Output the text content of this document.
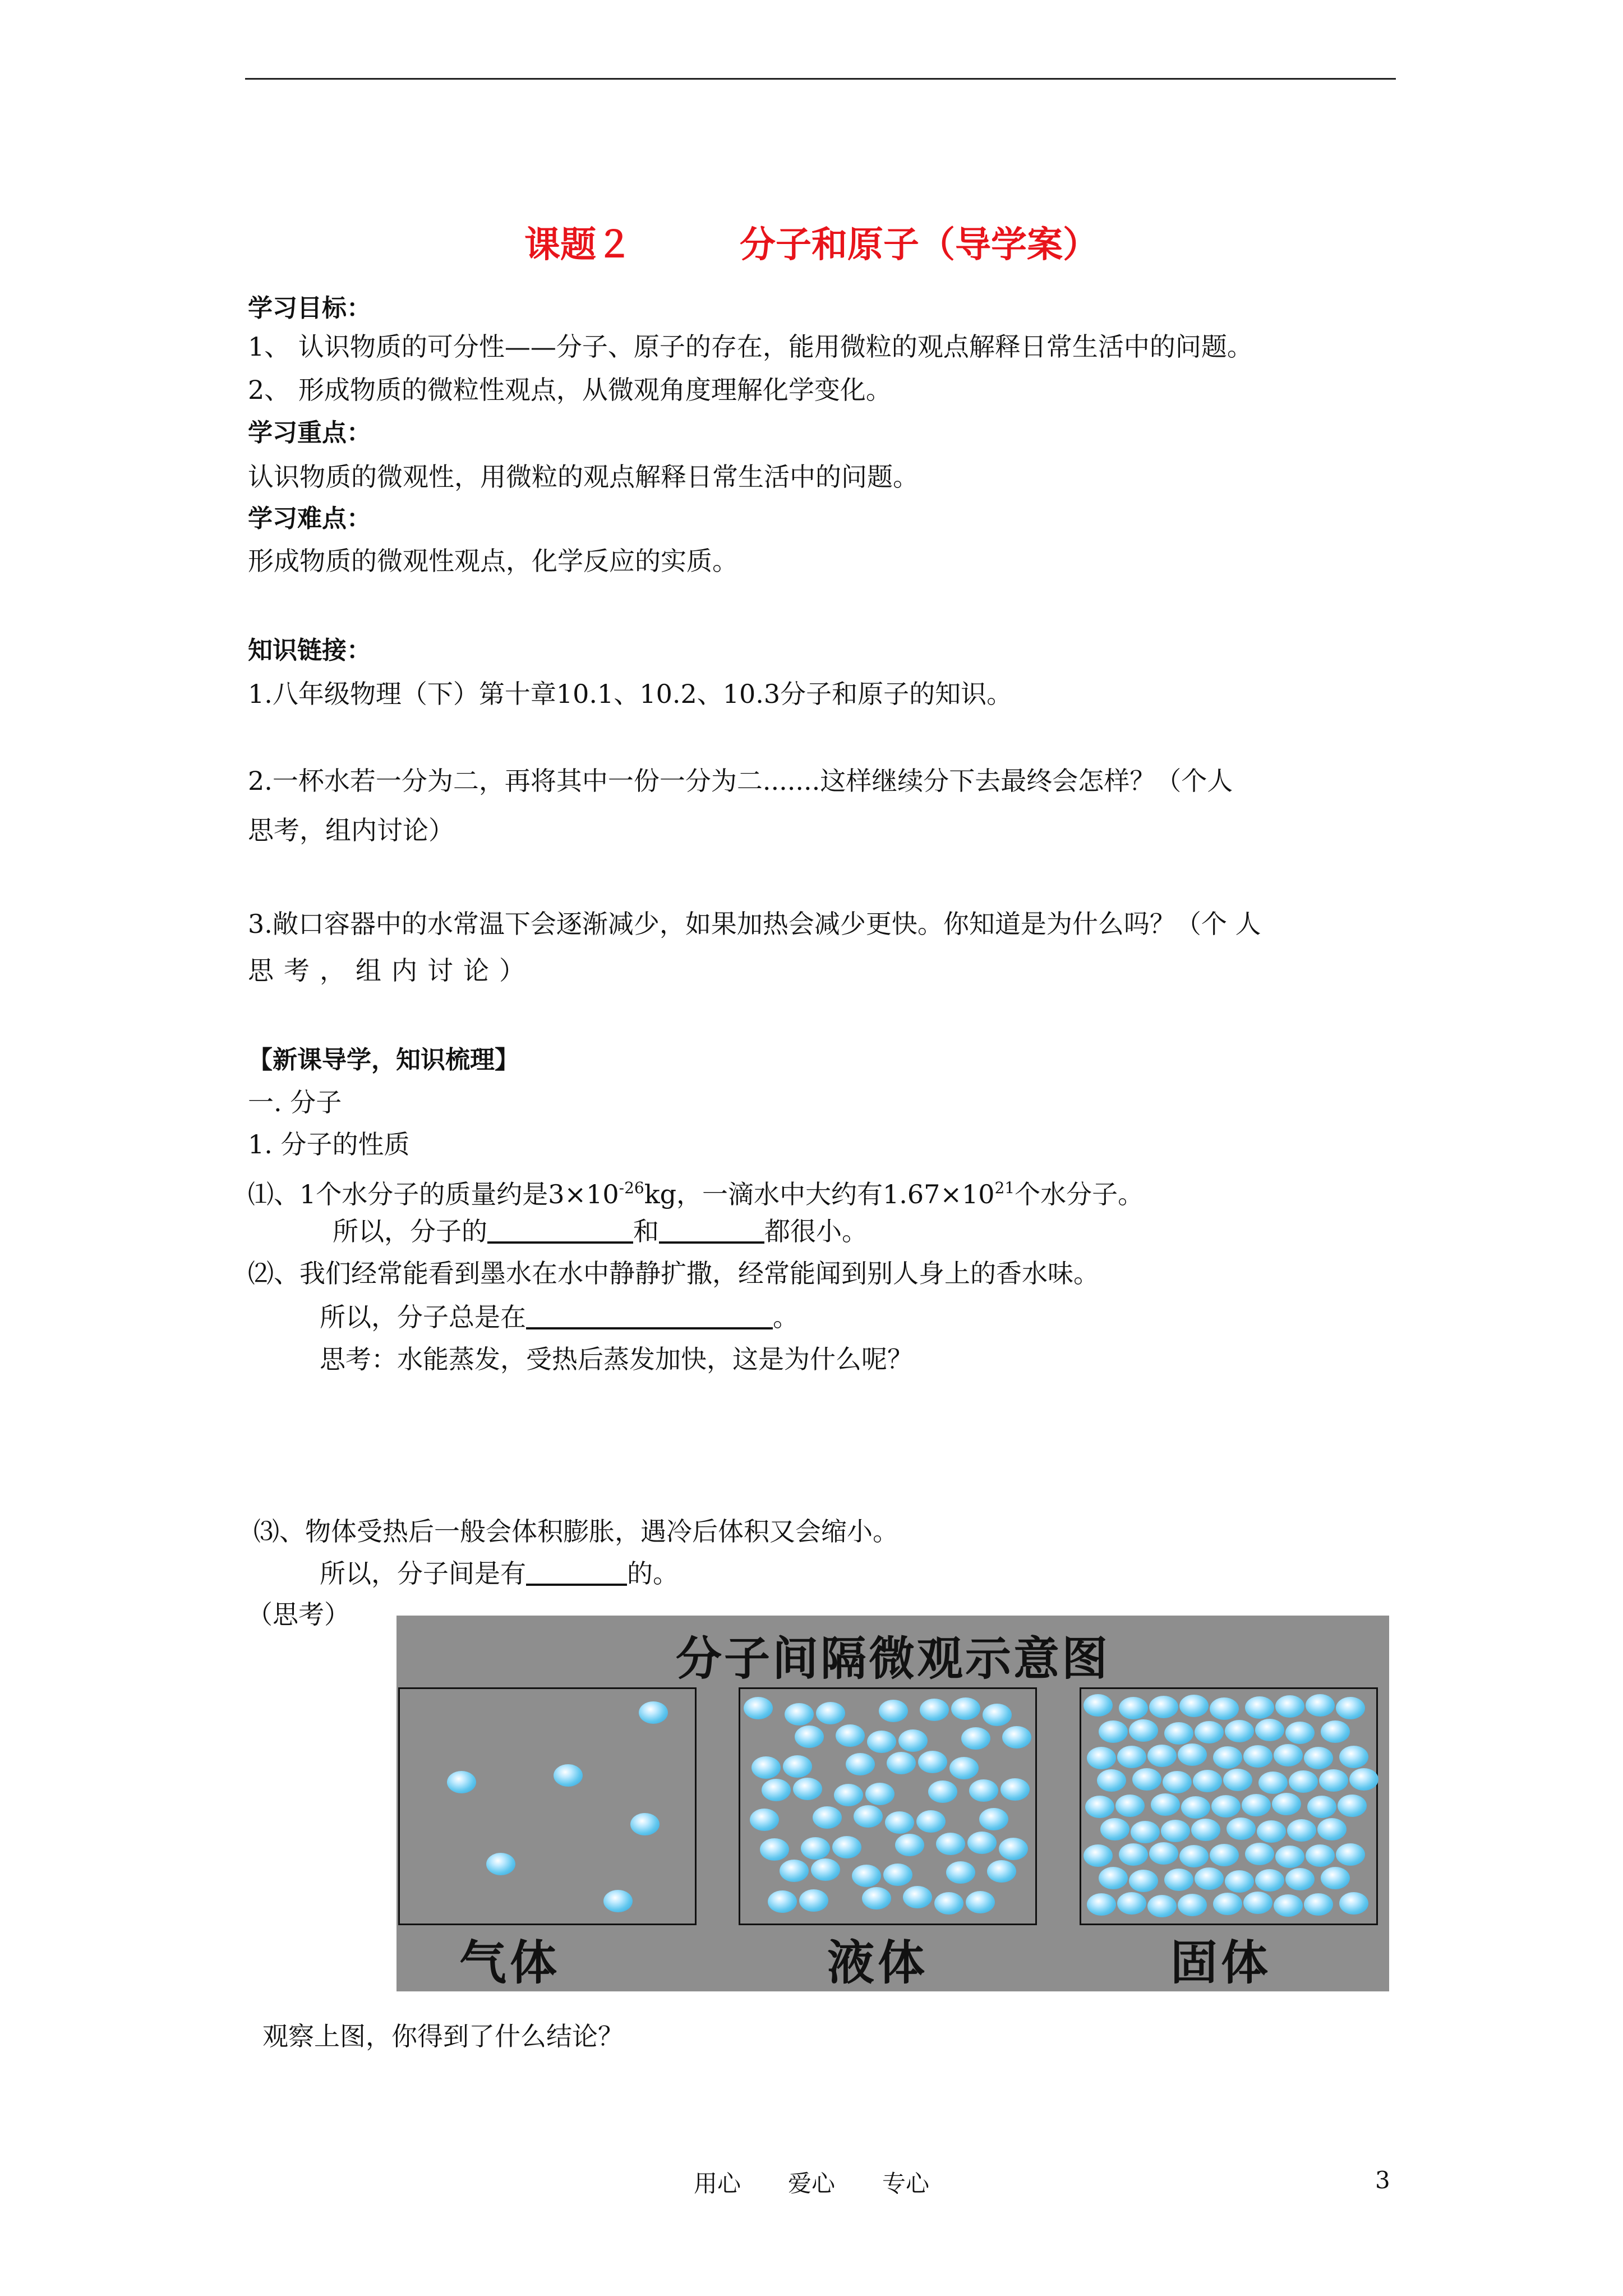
课题２　　　分子和原子（导学案）
学习目标：
1、 认识物质的可分性——分子、原子的存在，能用微粒的观点解释日常生活中的问题。
2、 形成物质的微粒性观点，从微观角度理解化学变化。
学习重点：
认识物质的微观性，用微粒的观点解释日常生活中的问题。
学习难点：
形成物质的微观性观点，化学反应的实质。
知识链接：
1.八年级物理（下）第十章10.1、10.2、10.3分子和原子的知识。
2.一杯水若一分为二，再将其中一份一分为二.......这样继续分下去最终会怎样？（个人
思考，组内讨论）
3.敞口容器中的水常温下会逐渐减少，如果加热会减少更快。你知道是为什么吗？（个 人
思考，组内讨论）
【新课导学，知识梳理】
一. 分子
1. 分子的性质
⑴、1个水分子的质量约是$3\times 10^{-26}kg$，一滴水中大约有$1.67\times 10^{21}$个水分子。
所以，分子的	和	都很小。
⑵、我们经常能看到墨水在水中静静扩撒，经常能闻到别人身上的香水味。
所以，分子总是在	。
思考：水能蒸发，受热后蒸发加快，这是为什么呢？
⑶、物体受热后一般会体积膨胀，遇冷后体积又会缩小。
所以，分子间是有	的。
（思考）
分子间隔微观示意图
气体	液体	固体
观察上图，你得到了什么结论？
用心　　爱心　　专心	3
